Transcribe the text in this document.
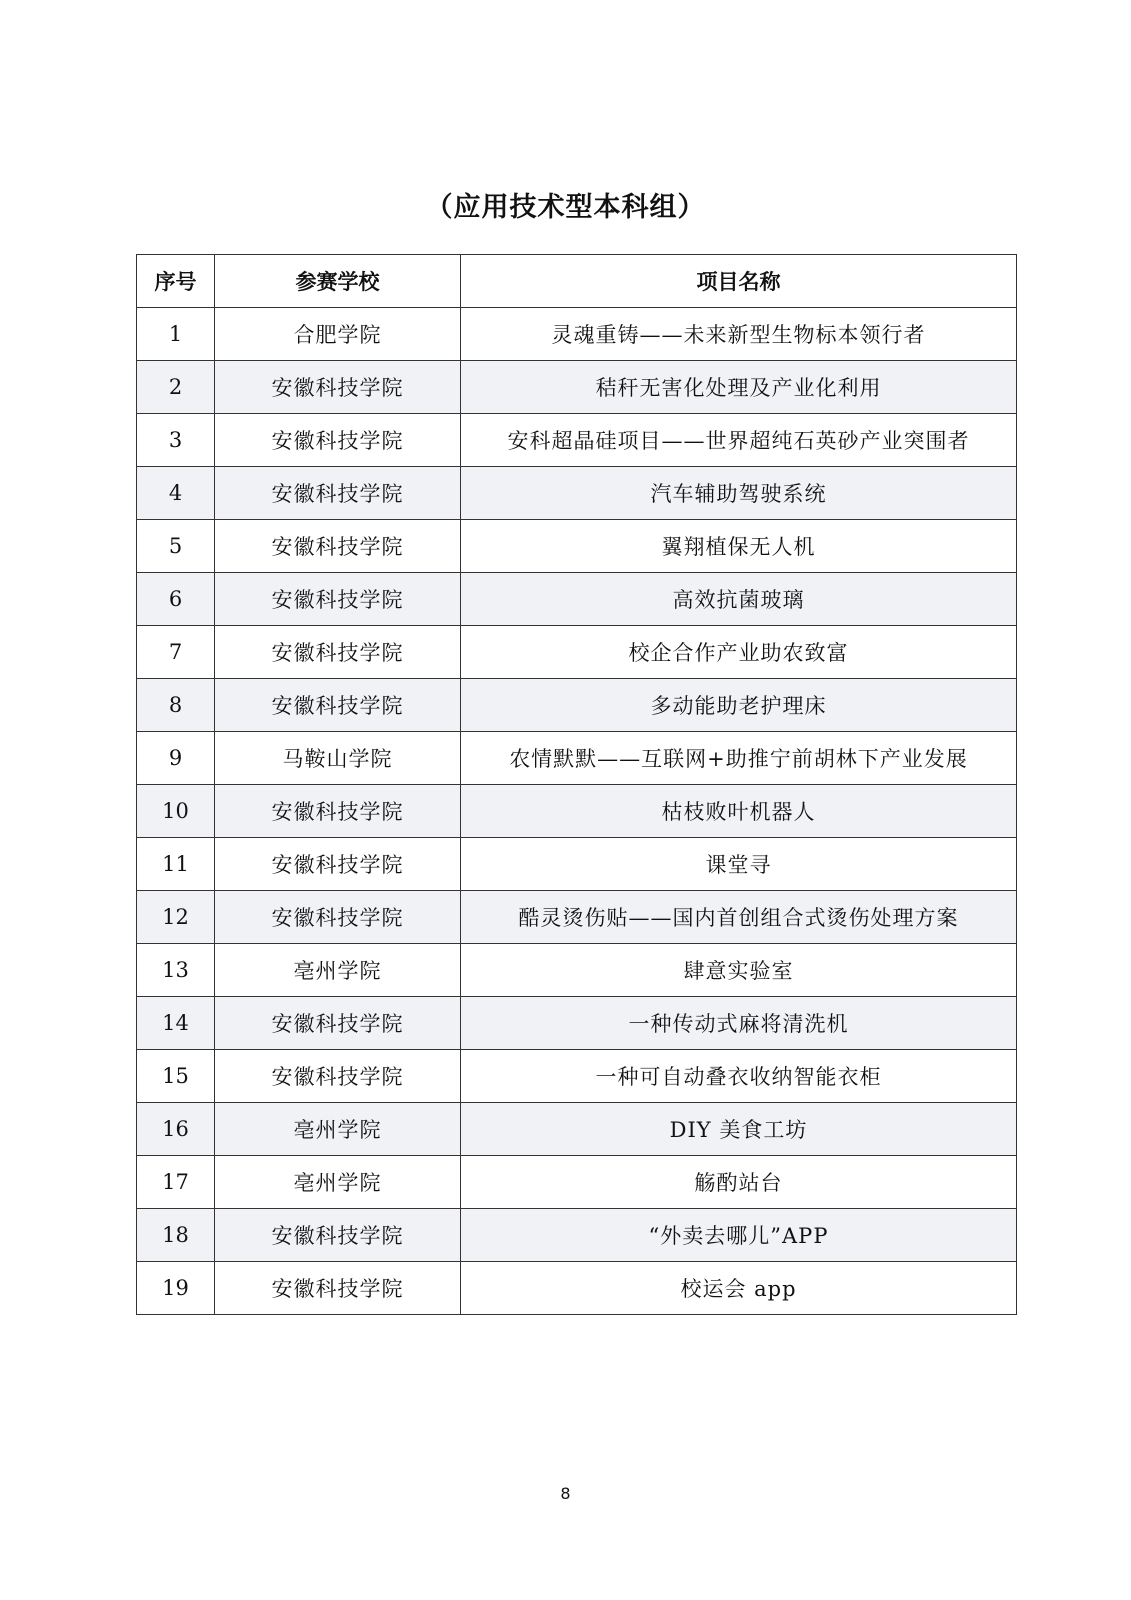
（应用技术型本科组）
序号	参赛学校	项目名称
1	合肥学院	灵魂重铸——未来新型生物标本领行者
2	安徽科技学院	秸秆无害化处理及产业化利用
3	安徽科技学院	安科超晶硅项目——世界超纯石英砂产业突围者
4	安徽科技学院	汽车辅助驾驶系统
5	安徽科技学院	翼翔植保无人机
6	安徽科技学院	高效抗菌玻璃
7	安徽科技学院	校企合作产业助农致富
8	安徽科技学院	多动能助老护理床
9	马鞍山学院	农情默默——互联网+助推宁前胡林下产业发展
10	安徽科技学院	枯枝败叶机器人
11	安徽科技学院	课堂寻
12	安徽科技学院	酷灵烫伤贴——国内首创组合式烫伤处理方案
13	亳州学院	肆意实验室
14	安徽科技学院	一种传动式麻将清洗机
15	安徽科技学院	一种可自动叠衣收纳智能衣柜
16	亳州学院	DIY 美食工坊
17	亳州学院	觞酌站台
18	安徽科技学院	“外卖去哪儿”APP
19	安徽科技学院	校运会 app
8
